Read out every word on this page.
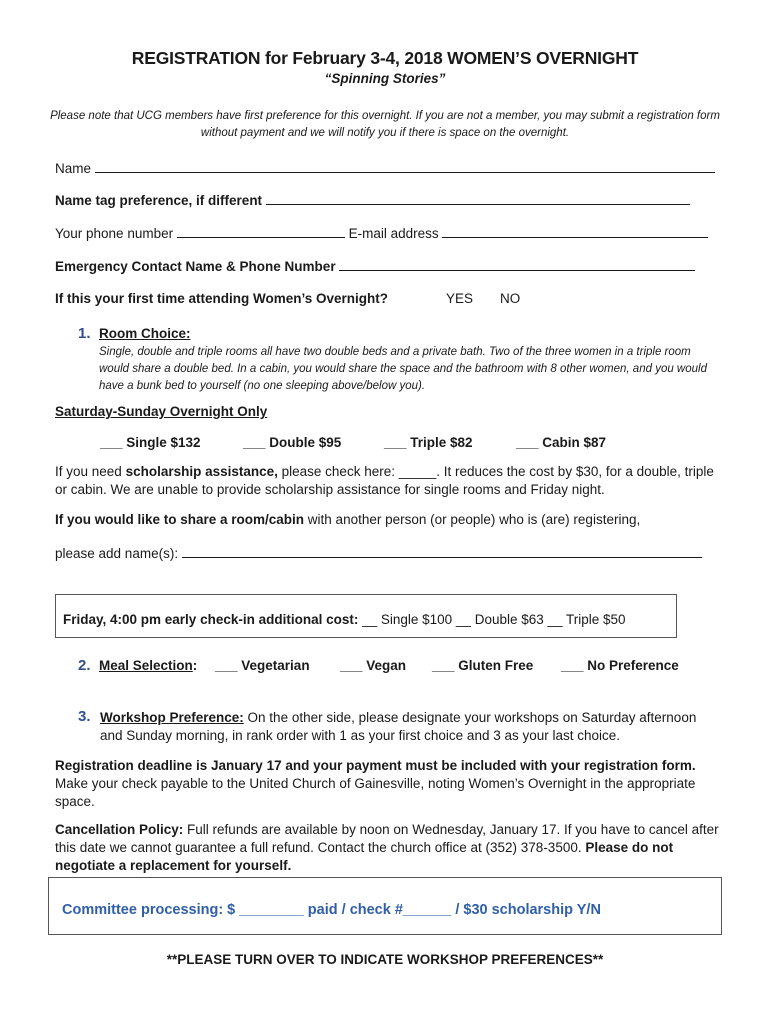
REGISTRATION for February 3-4, 2018 WOMEN’S OVERNIGHT
“Spinning Stories”
Please note that UCG members have first preference for this overnight. If you are not a member, you may submit a registration form without payment and we will notify you if there is space on the overnight.
Name
Name tag preference, if different
Your phone number	E-mail address
Emergency Contact Name & Phone Number
If this your first time attending Women’s Overnight?	YES NO
1. Room Choice:
Single, double and triple rooms all have two double beds and a private bath. Two of the three women in a triple room would share a double bed. In a cabin, you would share the space and the bathroom with 8 other women, and you would have a bunk bed to yourself (no one sleeping above/below you).
Saturday-Sunday Overnight Only
___ Single $132	___ Double $95	___ Triple $82	___ Cabin $87
If you need scholarship assistance, please check here: _____. It reduces the cost by $30, for a double, triple or cabin. We are unable to provide scholarship assistance for single rooms and Friday night.
If you would like to share a room/cabin with another person (or people) who is (are) registering,
please add name(s):
Friday, 4:00 pm early check-in additional cost: __ Single $100 __ Double $63 __ Triple $50
2. Meal Selection: ___ Vegetarian ___ Vegan ___ Gluten Free ___ No Preference
3. Workshop Preference: On the other side, please designate your workshops on Saturday afternoon and Sunday morning, in rank order with 1 as your first choice and 3 as your last choice.
Registration deadline is January 17 and your payment must be included with your registration form. Make your check payable to the United Church of Gainesville, noting Women’s Overnight in the appropriate space.
Cancellation Policy: Full refunds are available by noon on Wednesday, January 17. If you have to cancel after this date we cannot guarantee a full refund. Contact the church office at (352) 378-3500. Please do not negotiate a replacement for yourself.
Committee processing: $ ________ paid / check #______ / $30 scholarship Y/N
**PLEASE TURN OVER TO INDICATE WORKSHOP PREFERENCES**
